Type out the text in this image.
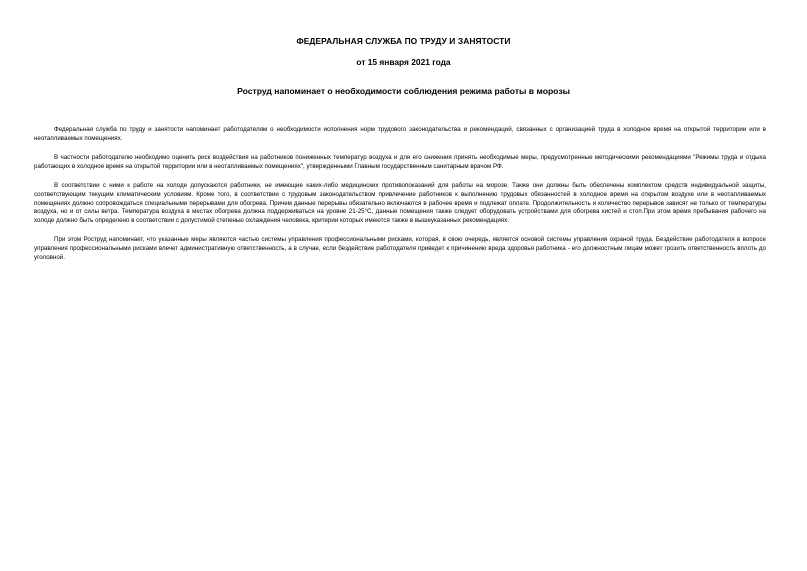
ФЕДЕРАЛЬНАЯ СЛУЖБА ПО ТРУДУ И ЗАНЯТОСТИ
от 15 января 2021 года
Роструд напоминает о необходимости соблюдения режима работы в морозы

Федеральная служба по труду и занятости напоминает работодателям о необходимости исполнения норм трудового законодательства и рекомендаций, связанных с организацией труда в холодное время на открытой территории или в неотапливаемых помещениях.

В частности работодателю необходимо оценить риск воздействия на работников пониженных температур воздуха и для его снижения принять необходимые меры, предусмотренные методическими рекомендациями "Режимы труда и отдыха работающих в холодное время на открытой территории или в неотапливаемых помещениях", утвержденными Главным государственным санитарным врачом РФ.

В соответствии с ними к работе на холоде допускаются работники, не имеющие каких-либо медицинских противопоказаний для работы на морозе. Также они должны быть обеспечены комплектом средств индивидуальной защиты, соответствующим текущим климатическим условиям. Кроме того, в соответствии с трудовым законодательством привлечение работников к выполнению трудовых обязанностей в холодное время на открытом воздухе или в неотапливаемых помещениях должно сопровождаться специальными перерывами для обогрева. Причем данные перерывы обязательно включаются в рабочее время и подлежат оплате. Продолжительность и количество перерывов зависят не только от температуры воздуха, но и от силы ветра. Температура воздуха в местах обогрева должна поддерживаться на уровне 21-25°С, данные помещения также следует оборудовать устройствами для обогрева кистей и стоп.При этом время пребывания рабочего на холоде должно быть определено в соответствии с допустимой степенью охлаждения человека, критерии которых имеются также в вышеуказанных рекомендациях.

При этом Роструд напоминает, что указанные меры являются частью системы управления профессиональными рисками, которая, в свою очередь, является основой системы управления охраной труда. Бездействие работодателя в вопросе управления профессиональными рисками влечет административную ответственность, а в случае, если бездействие работодателя приведет к причинению вреда здоровья работника - его должностным лицам может грозить ответственность вплоть до уголовной.
